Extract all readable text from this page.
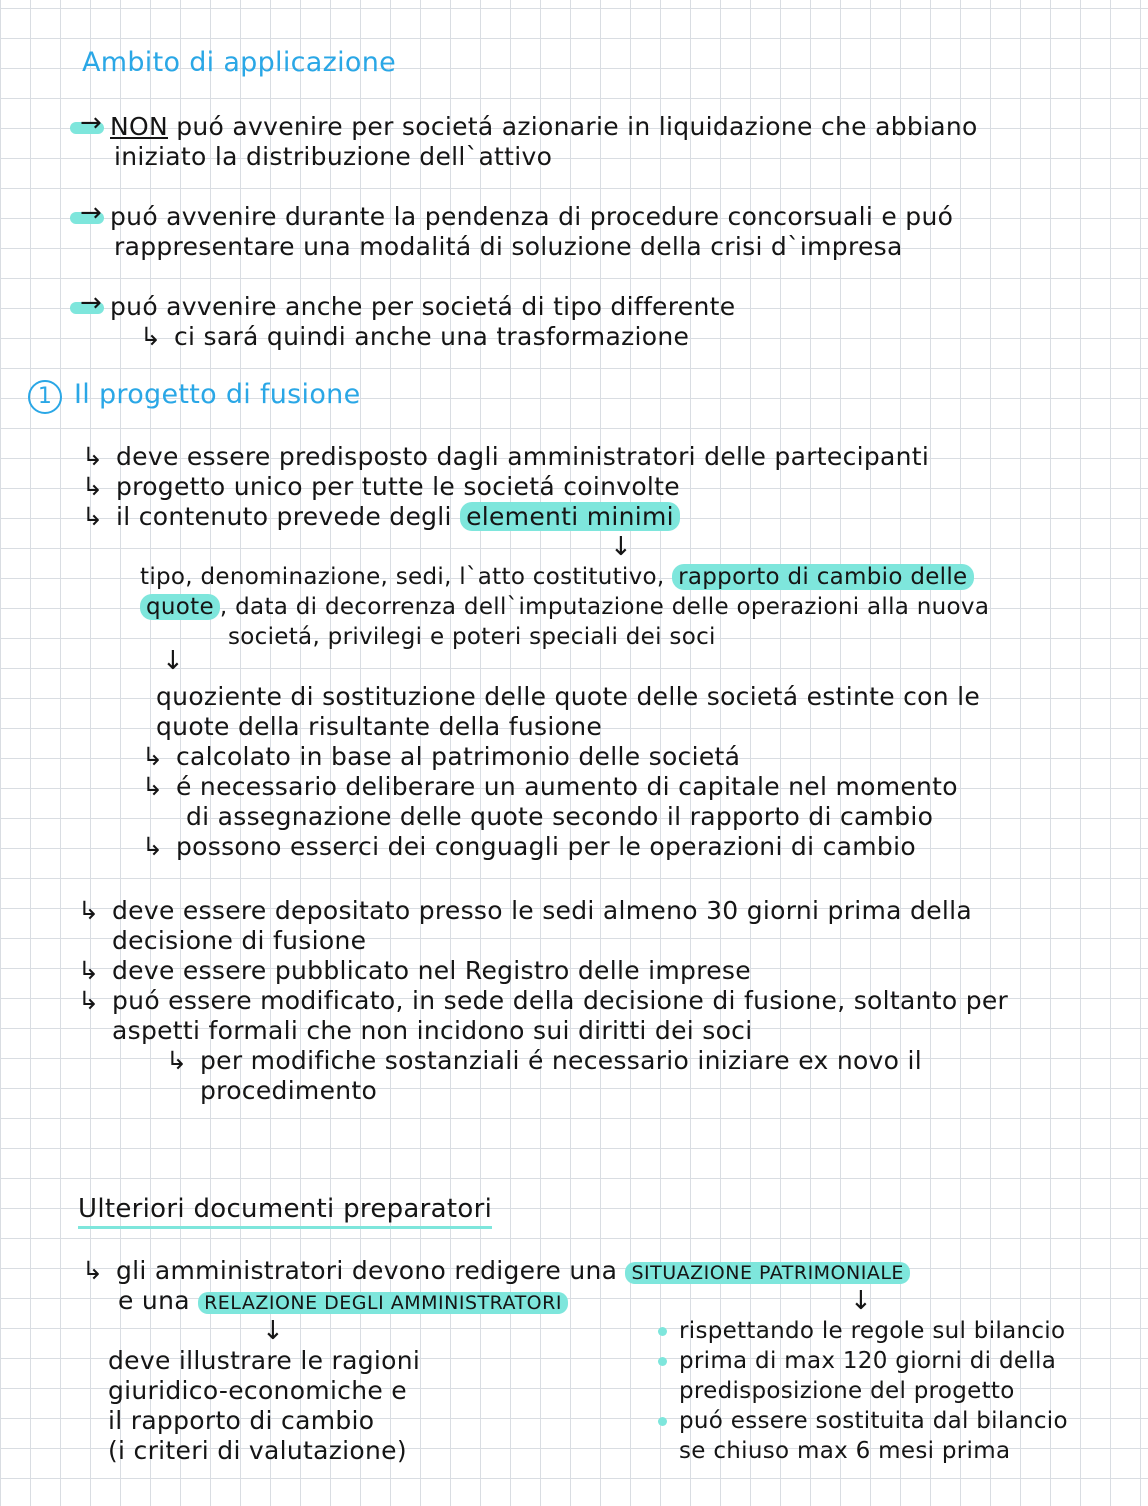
Ambito di applicazione
→NON puó avvenire per societá azionarie in liquidazione che abbiano
iniziato la distribuzione dell`attivo
→puó avvenire durante la pendenza di procedure concorsuali e puó
rappresentare una modalitá di soluzione della crisi d`impresa
→puó avvenire anche per societá di tipo differente
↳ ci sará quindi anche una trasformazione
1 Il progetto di fusione
↳ deve essere predisposto dagli amministratori delle partecipanti
↳ progetto unico per tutte le societá coinvolte
↳ il contenuto prevede degli elementi minimi
↓
tipo, denominazione, sedi, l`atto costitutivo, rapporto di cambio delle
quote , data di decorrenza dell`imputazione delle operazioni alla nuova
societá, privilegi e poteri speciali dei soci
↓
quoziente di sostituzione delle quote delle societá estinte con le
quote della risultante della fusione
↳ calcolato in base al patrimonio delle societá
↳ é necessario deliberare un aumento di capitale nel momento
di assegnazione delle quote secondo il rapporto di cambio
↳ possono esserci dei conguagli per le operazioni di cambio
↳ deve essere depositato presso le sedi almeno 30 giorni prima della
decisione di fusione
↳ deve essere pubblicato nel Registro delle imprese
↳ puó essere modificato, in sede della decisione di fusione, soltanto per
aspetti formali che non incidono sui diritti dei soci
↳ per modifiche sostanziali é necessario iniziare ex novo il
procedimento
Ulteriori documenti preparatori
↳ gli amministratori devono redigere una SITUAZIONE PATRIMONIALE
e una RELAZIONE DEGLI AMMINISTRATORI
↓
↓
deve illustrare le ragioni
giuridico-economiche e
il rapporto di cambio
(i criteri di valutazione)
rispettando le regole sul bilancio
prima di max 120 giorni di della
predisposizione del progetto
puó essere sostituita dal bilancio
se chiuso max 6 mesi prima
